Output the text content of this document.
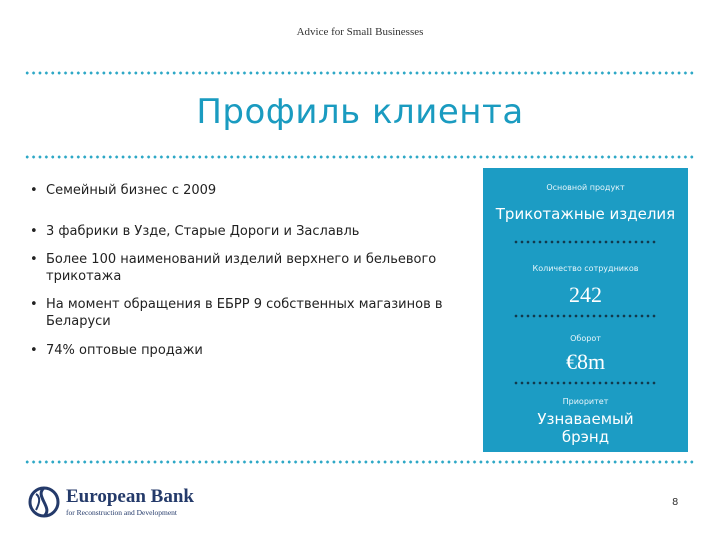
Advice for Small Businesses
Профиль клиента
• Семейный бизнес с 2009
• 3 фабрики в Узде, Старые Дороги и Заславль
• Более 100 наименований изделий верхнего и бельевого трикотажа
• На момент обращения в ЕБРР 9 собственных магазинов в Беларуси
• 74% оптовые продажи
Основной продукт
Трикотажные изделия
Количество сотрудников
242
Оборот
€8m
Приоритет
Узнаваемый
брэнд
European Bank
for Reconstruction and Development
8
